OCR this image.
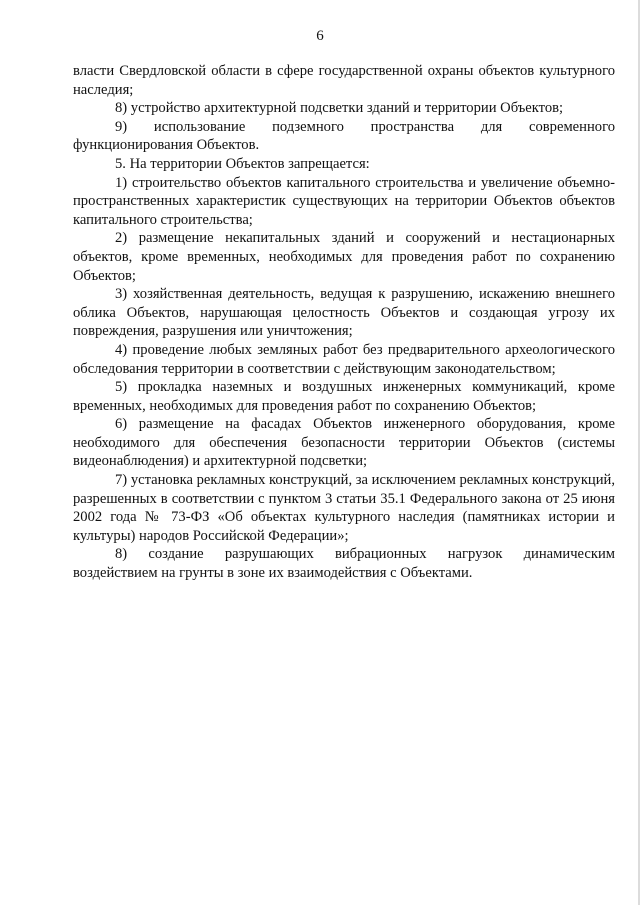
6

власти Свердловской области в сфере государственной охраны объектов культурного наследия;

8) устройство архитектурной подсветки зданий и территории Объектов;

9) использование подземного пространства для современного функционирования Объектов.

5. На территории Объектов запрещается:

1) строительство объектов капитального строительства и увеличение объемно-пространственных характеристик существующих на территории Объектов объектов капитального строительства;

2) размещение некапитальных зданий и сооружений и нестационарных объектов, кроме временных, необходимых для проведения работ по сохранению Объектов;

3) хозяйственная деятельность, ведущая к разрушению, искажению внешнего облика Объектов, нарушающая целостность Объектов и создающая угрозу их повреждения, разрушения или уничтожения;

4) проведение любых земляных работ без предварительного археологического обследования территории в соответствии с действующим законодательством;

5) прокладка наземных и воздушных инженерных коммуникаций, кроме временных, необходимых для проведения работ по сохранению Объектов;

6) размещение на фасадах Объектов инженерного оборудования, кроме необходимого для обеспечения безопасности территории Объектов (системы видеонаблюдения) и архитектурной подсветки;

7) установка рекламных конструкций, за исключением рекламных конструкций, разрешенных в соответствии с пунктом 3 статьи 35.1 Федерального закона от 25 июня 2002 года № 73-ФЗ «Об объектах культурного наследия (памятниках истории и культуры) народов Российской Федерации»;

8) создание разрушающих вибрационных нагрузок динамическим воздействием на грунты в зоне их взаимодействия с Объектами.
